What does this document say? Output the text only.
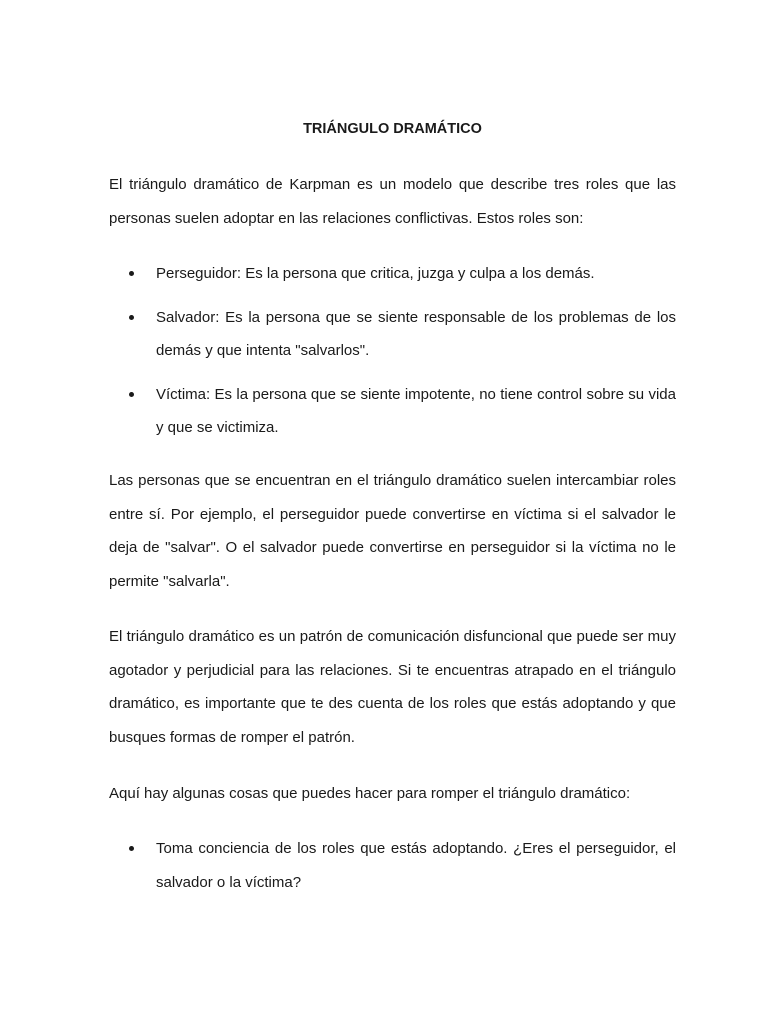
TRIÁNGULO DRAMÁTICO

El triángulo dramático de Karpman es un modelo que describe tres roles que las personas suelen adoptar en las relaciones conflictivas. Estos roles son:

Perseguidor: Es la persona que critica, juzga y culpa a los demás.
Salvador: Es la persona que se siente responsable de los problemas de los demás y que intenta "salvarlos".
Víctima: Es la persona que se siente impotente, no tiene control sobre su vida y que se victimiza.

Las personas que se encuentran en el triángulo dramático suelen intercambiar roles entre sí. Por ejemplo, el perseguidor puede convertirse en víctima si el salvador le deja de "salvar". O el salvador puede convertirse en perseguidor si la víctima no le permite "salvarla".

El triángulo dramático es un patrón de comunicación disfuncional que puede ser muy agotador y perjudicial para las relaciones. Si te encuentras atrapado en el triángulo dramático, es importante que te des cuenta de los roles que estás adoptando y que busques formas de romper el patrón.

Aquí hay algunas cosas que puedes hacer para romper el triángulo dramático:

Toma conciencia de los roles que estás adoptando. ¿Eres el perseguidor, el salvador o la víctima?
